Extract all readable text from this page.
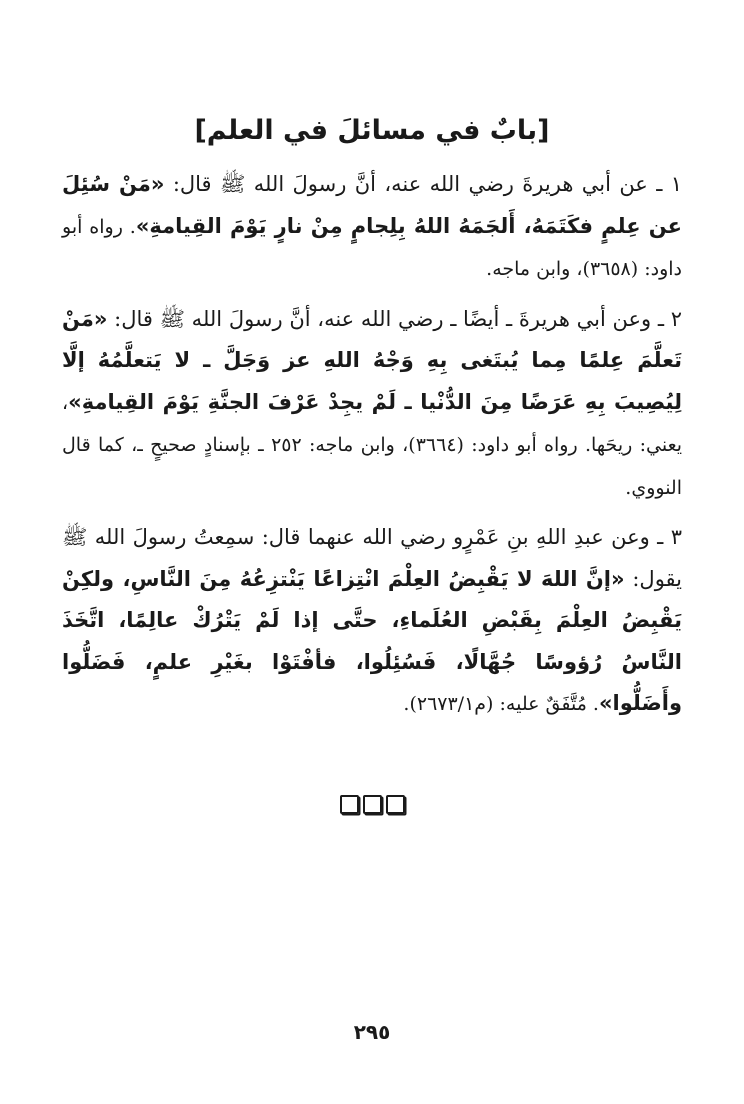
[بابٌ في مسائلَ في العلم]

١ ـ عن أبي هريرةَ رضي الله عنه، أنَّ رسولَ الله ﷺ قال: «مَنْ سُئِلَ عن عِلمٍ فكَتَمَهُ، أَلجَمَهُ اللهُ بِلِجامٍ مِنْ نارٍ يَوْمَ القِيامةِ». رواه أبو داود: (٣٦٥٨)، وابن ماجه.

٢ ـ وعن أبي هريرةَ ـ أيضًا ـ رضي الله عنه، أنَّ رسولَ الله ﷺ قال: «مَنْ تَعلَّمَ عِلمًا مِما يُبتَغى بِهِ وَجْهُ اللهِ عز وَجَلَّ ـ لا يَتعلَّمُهُ إلَّا لِيُصِيبَ بِهِ عَرَضًا مِنَ الدُّنْيا ـ لَمْ يجِدْ عَرْفَ الجنَّةِ يَوْمَ القِيامةِ»، يعني: ريحَها. رواه أبو داود: (٣٦٦٤)، وابن ماجه: ٢٥٢ ـ بإسنادٍ صحيحٍ ـ، كما قال النووي.

٣ ـ وعن عبدِ اللهِ بنِ عَمْرٍو رضي الله عنهما قال: سمِعتُ رسولَ الله ﷺ يقول: «إنَّ اللهَ لا يَقْبِضُ العِلْمَ انْتِزاعًا يَنْتزِعُهُ مِنَ النَّاسِ، ولكِنْ يَقْبِضُ العِلْمَ بِقَبْضِ العُلَماءِ، حتَّى إذا لَمْ يَتْرُكْ عالِمًا، اتَّخَذَ النَّاسُ رُؤوسًا جُهَّالًا، فَسُئِلُوا، فأفْتَوْا بغَيْرِ علمٍ، فَضَلُّوا وأَضَلُّوا». مُتَّفَقٌ عليه: (م٢٦٧٣/١).

٢٩٥
